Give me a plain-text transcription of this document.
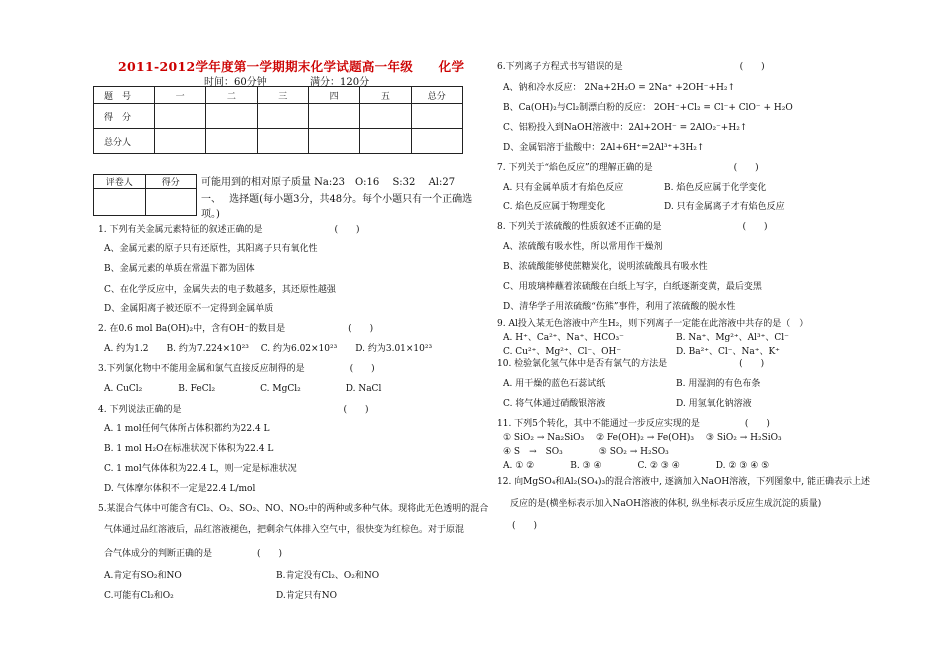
2011-2012学年度第一学期期末化学试题高一年级　　化学
时间：60分钟	满分：120分
题　号	一	二	三	四	五	总分
得　分						
总分人						
评卷人	得分
	可能用到的相对原子质量 Na:23　O:16　 S:32　 Al:27
一、　 选择题(每小题3分，共48分。每个小题只有一个正确选
项。)
1. 下列有关金属元素特征的叙述正确的是　　　　　　　　(　　)
A、金属元素的原子只有还原性，其阳离子只有氧化性
B、金属元素的单质在常温下都为固体
C、在化学反应中，金属失去的电子数越多，其还原性越强
D、金属阳离子被还原不一定得到金属单质
2. 在0.6 mol Ba(OH)₂中，含有OH⁻的数目是　　　　　　　(　　)
A. 约为1.2　　B. 约为7.224×10²³　 C. 约为6.02×10²³　　D. 约为3.01×10²³
3.下列氯化物中不能用金属和氯气直接反应制得的是　　　　　(　　)
A. CuCl₂　　　　B. FeCl₂　　　　　C. MgCl₂　　　　　D. NaCl
4. 下列说法正确的是　　　　　　　　　　　　　　　　　　(　　)
A. 1 mol任何气体所占体积都约为22.4 L
B. 1 mol H₂O在标准状况下体积为22.4 L
C. 1 mol气体体积为22.4 L，则一定是标准状况
D. 气体摩尔体积不一定是22.4 L/mol
5.某混合气体中可能含有Cl₂、O₂、SO₂、NO、NO₂中的两种或多种气体。现将此无色透明的混合
气体通过品红溶液后，品红溶液褪色，把剩余气体排入空气中，很快变为红棕色。对于原混
合气体成分的判断正确的是　　　　　(　　)
A.肯定有SO₂和NO	B.肯定没有Cl₂、O₂和NO
C.可能有Cl₂和O₂	D.肯定只有NO
6.下列离子方程式书写错误的是　　　　　　　　　　　　　(　　)
A、钠和冷水反应： 2Na+2H₂O = 2Na⁺ +2OH⁻+H₂↑
B、Ca(OH)₂与Cl₂制漂白粉的反应： 2OH⁻+Cl₂ = Cl⁻+ ClO⁻ + H₂O
C、铝粉投入到NaOH溶液中：2Al+2OH⁻ = 2AlO₂⁻+H₂↑
D、金属铝溶于盐酸中：2Al+6H⁺=2Al³⁺+3H₂↑
7. 下列关于“焰色反应”的理解正确的是　　　　　　　　　(　　)
A. 只有金属单质才有焰色反应	B. 焰色反应属于化学变化
C. 焰色反应属于物理变化	D. 只有金属离子才有焰色反应
8. 下列关于浓硫酸的性质叙述不正确的是　　　　　　　　　(　　)
A、浓硫酸有吸水性，所以常用作干燥剂
B、浓硫酸能够使蔗糖炭化，说明浓硫酸具有吸水性
C、用玻璃棒蘸着浓硫酸在白纸上写字，白纸逐渐变黄，最后变黑
D、清华学子用浓硫酸“伤熊”事件，利用了浓硫酸的脱水性
9. Al投入某无色溶液中产生H₂，则下列离子一定能在此溶液中共存的是（　）
A. H⁺、Ca²⁺、Na⁺、HCO₃⁻	B. Na⁺、Mg²⁺、Al³⁺、Cl⁻
C. Cu²⁺、Mg²⁺、Cl⁻、OH⁻	D. Ba²⁺、Cl⁻、Na⁺、K⁺
10. 检验氯化氢气体中是否有氯气的方法是　　　　　　　　(　　)
A. 用干燥的蓝色石蕊试纸	B. 用湿润的有色布条
C. 将气体通过硝酸银溶液	D. 用氢氧化钠溶液
11. 下列5个转化，其中不能通过一步反应实现的是　　　　　(　　)
① SiO₂ → Na₂SiO₃　 ② Fe(OH)₂ → Fe(OH)₃　 ③ SiO₂ → H₂SiO₃
④ S　→　SO₃　　　　⑤ SO₂ → H₂SO₃
A. ① ②　　　　B. ③ ④　　　　C. ② ③ ④　　　　D. ② ③ ④ ⑤
12. 向MgSO₄和Al₂(SO₄)₃的混合溶液中, 逐滴加入NaOH溶液，下列图象中, 能正确表示上述
反应的是(横坐标表示加入NaOH溶液的体积, 纵坐标表示反应生成沉淀的质量)
(　　)
